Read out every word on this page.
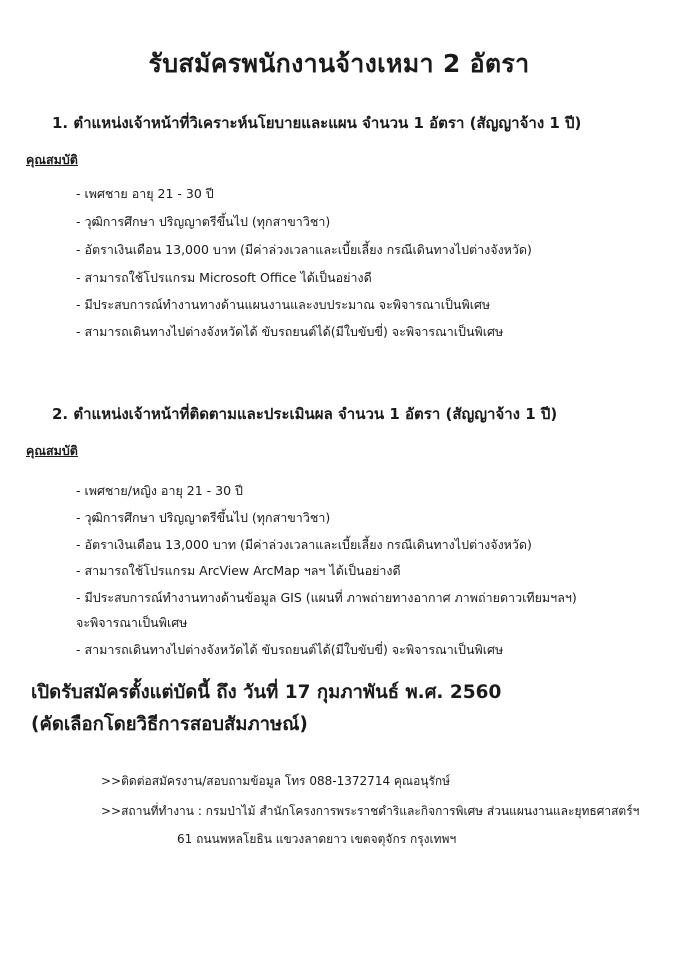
รับสมัครพนักงานจ้างเหมา 2 อัตรา
1. ตำแหน่งเจ้าหน้าที่วิเคราะห์นโยบายและแผน จำนวน 1 อัตรา (สัญญาจ้าง 1 ปี)
คุณสมบัติ
- เพศชาย อายุ 21 - 30 ปี
- วุฒิการศึกษา ปริญญาตรีขึ้นไป (ทุกสาขาวิชา)
- อัตราเงินเดือน 13,000 บาท (มีค่าล่วงเวลาและเบี้ยเลี้ยง กรณีเดินทางไปต่างจังหวัด)
- สามารถใช้โปรแกรม Microsoft Office ได้เป็นอย่างดี
- มีประสบการณ์ทำงานทางด้านแผนงานและงบประมาณ จะพิจารณาเป็นพิเศษ
- สามารถเดินทางไปต่างจังหวัดได้ ขับรถยนต์ได้(มีใบขับขี่) จะพิจารณาเป็นพิเศษ
2. ตำแหน่งเจ้าหน้าที่ติดตามและประเมินผล จำนวน 1 อัตรา (สัญญาจ้าง 1 ปี)
คุณสมบัติ
- เพศชาย/หญิง อายุ 21 - 30 ปี
- วุฒิการศึกษา ปริญญาตรีขึ้นไป (ทุกสาขาวิชา)
- อัตราเงินเดือน 13,000 บาท (มีค่าล่วงเวลาและเบี้ยเลี้ยง กรณีเดินทางไปต่างจังหวัด)
- สามารถใช้โปรแกรม ArcView ArcMap ฯลฯ ได้เป็นอย่างดี
- มีประสบการณ์ทำงานทางด้านข้อมูล GIS (แผนที่ ภาพถ่ายทางอากาศ ภาพถ่ายดาวเทียมฯลฯ)
จะพิจารณาเป็นพิเศษ
- สามารถเดินทางไปต่างจังหวัดได้ ขับรถยนต์ได้(มีใบขับขี่) จะพิจารณาเป็นพิเศษ
เปิดรับสมัครตั้งแต่บัดนี้ ถึง วันที่ 17 กุมภาพันธ์ พ.ศ. 2560
(คัดเลือกโดยวิธีการสอบสัมภาษณ์)
>>ติดต่อสมัครงาน/สอบถามข้อมูล โทร 088-1372714 คุณอนุรักษ์
>>สถานที่ทำงาน : กรมป่าไม้ สำนักโครงการพระราชดำริและกิจการพิเศษ ส่วนแผนงานและยุทธศาสตร์ฯ
61 ถนนพหลโยธิน แขวงลาดยาว เขตจตุจักร กรุงเทพฯ
